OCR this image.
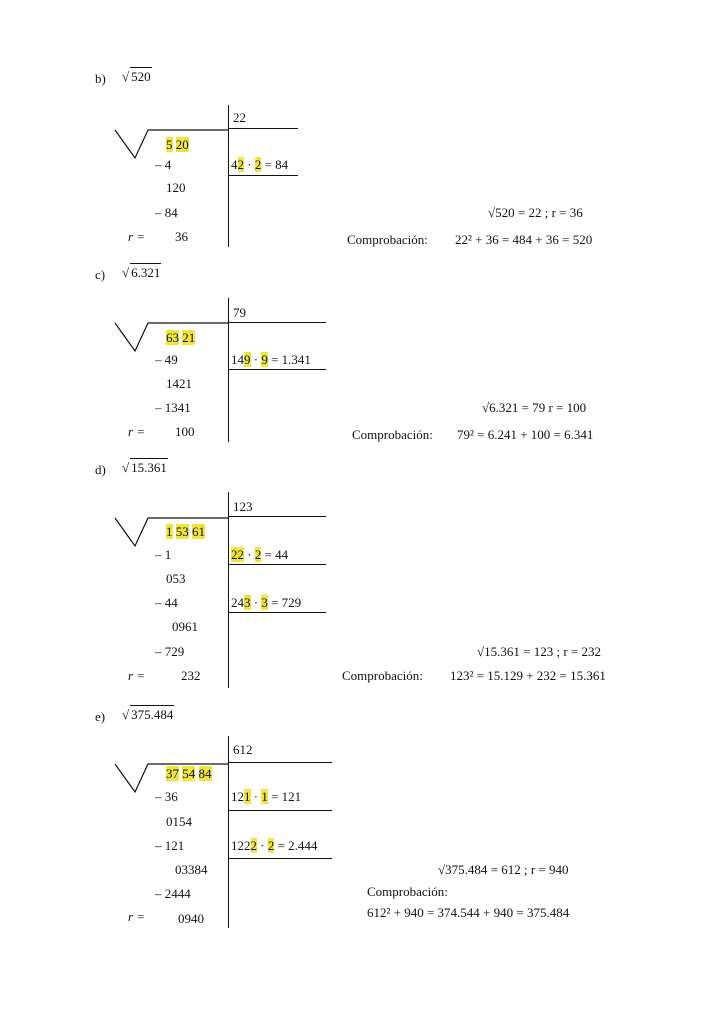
b) √ 520
22
5 20
– 4	42 · 2 = 84
120
– 84
r = 36
√520 = 22 ; r = 36
Comprobación: 22² + 36 = 484 + 36 = 520
c) √ 6.321
79
63 21
– 49	149 · 9 = 1.341
1421
– 1341
r = 100
√6.321 = 79 r = 100
Comprobación: 79² = 6.241 + 100 = 6.341
d) √ 15.361
123
1 53 61
– 1	22 · 2 = 44
053
– 44	243 · 3 = 729
0961
– 729
r =	232
√15.361 = 123 ; r = 232
Comprobación: 123² = 15.129 + 232 = 15.361
e) √ 375.484
612
37 54 84
– 36	121 · 1 = 121
0154
– 121	1222 · 2 = 2.444
03384
– 2444
r =	0940
√375.484 = 612 ; r = 940
Comprobación:
612² + 940 = 374.544 + 940 = 375.484
